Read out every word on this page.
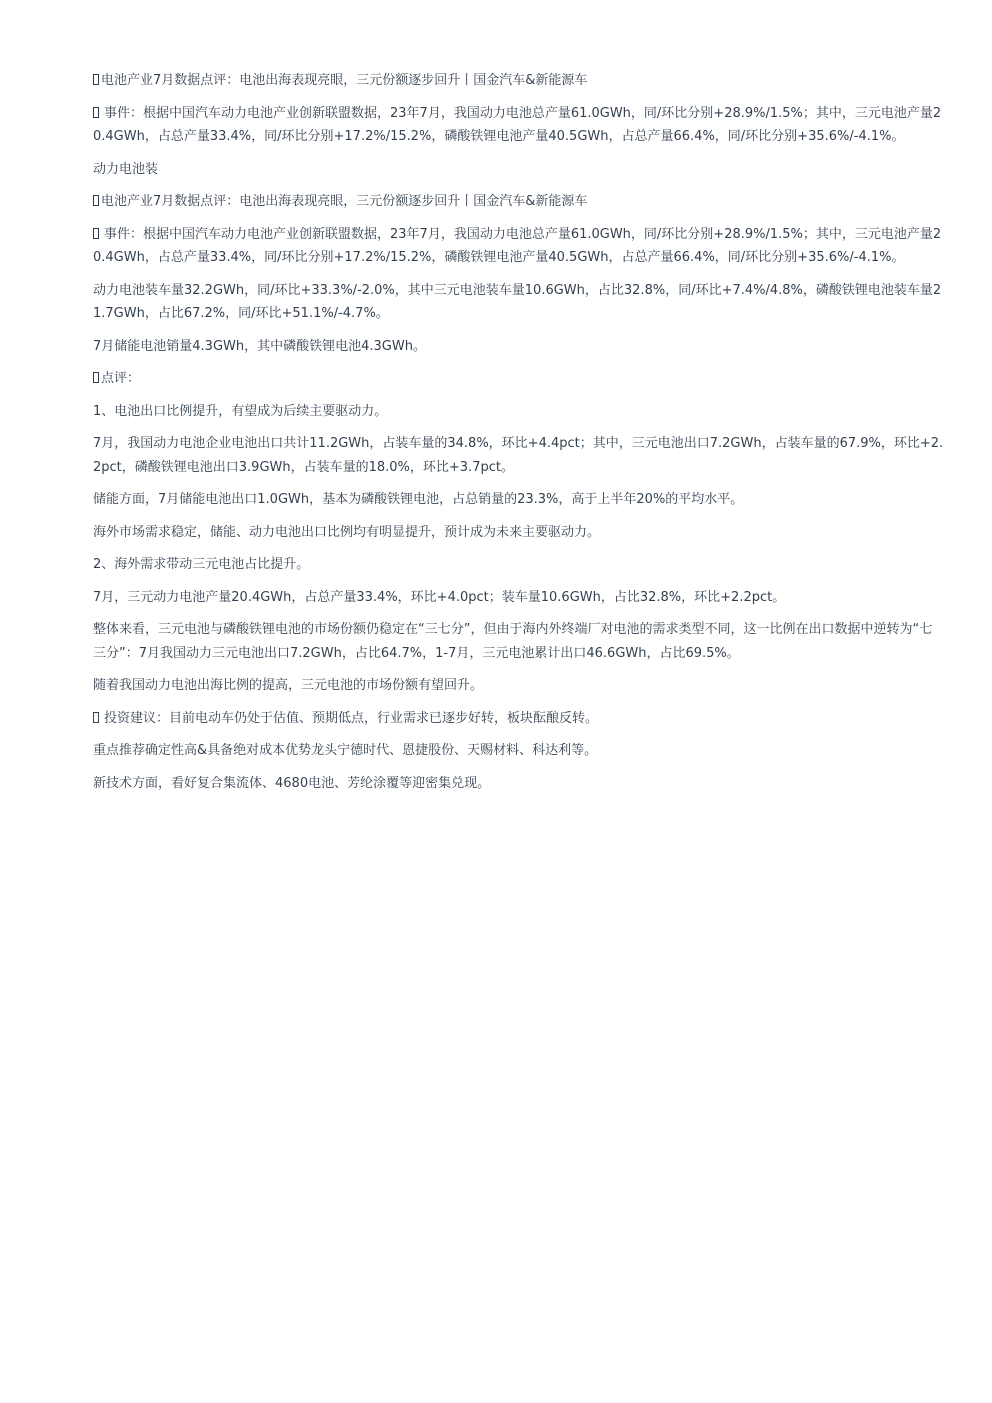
电池产业7月数据点评：电池出海表现亮眼，三元份额逐步回升丨国金汽车&新能源车

事件：根据中国汽车动力电池产业创新联盟数据，23年7月，我国动力电池总产量61.0GWh，同/环比分别+28.9%/1.5%；其中，三元电池产量20.4GWh，占总产量33.4%，同/环比分别+17.2%/15.2%，磷酸铁锂电池产量40.5GWh，占总产量66.4%，同/环比分别+35.6%/-4.1%。

动力电池装

电池产业7月数据点评：电池出海表现亮眼，三元份额逐步回升丨国金汽车&新能源车

事件：根据中国汽车动力电池产业创新联盟数据，23年7月，我国动力电池总产量61.0GWh，同/环比分别+28.9%/1.5%；其中，三元电池产量20.4GWh，占总产量33.4%，同/环比分别+17.2%/15.2%，磷酸铁锂电池产量40.5GWh，占总产量66.4%，同/环比分别+35.6%/-4.1%。

动力电池装车量32.2GWh，同/环比+33.3%/-2.0%，其中三元电池装车量10.6GWh，占比32.8%，同/环比+7.4%/4.8%，磷酸铁锂电池装车量21.7GWh，占比67.2%，同/环比+51.1%/-4.7%。

7月储能电池销量4.3GWh，其中磷酸铁锂电池4.3GWh。

点评：

1、电池出口比例提升，有望成为后续主要驱动力。

7月，我国动力电池企业电池出口共计11.2GWh，占装车量的34.8%，环比+4.4pct；其中，三元电池出口7.2GWh，占装车量的67.9%，环比+2.2pct，磷酸铁锂电池出口3.9GWh，占装车量的18.0%，环比+3.7pct。

储能方面，7月储能电池出口1.0GWh，基本为磷酸铁锂电池，占总销量的23.3%，高于上半年20%的平均水平。

海外市场需求稳定，储能、动力电池出口比例均有明显提升，预计成为未来主要驱动力。

2、海外需求带动三元电池占比提升。

7月，三元动力电池产量20.4GWh，占总产量33.4%，环比+4.0pct；装车量10.6GWh，占比32.8%，环比+2.2pct。

整体来看，三元电池与磷酸铁锂电池的市场份额仍稳定在“三七分”，但由于海内外终端厂对电池的需求类型不同，这一比例在出口数据中逆转为“七三分”：7月我国动力三元电池出口7.2GWh，占比64.7%，1-7月，三元电池累计出口46.6GWh，占比69.5%。

随着我国动力电池出海比例的提高，三元电池的市场份额有望回升。

投资建议：目前电动车仍处于估值、预期低点，行业需求已逐步好转，板块酝酿反转。

重点推荐确定性高&具备绝对成本优势龙头宁德时代、恩捷股份、天赐材料、科达利等。

新技术方面，看好复合集流体、4680电池、芳纶涂覆等迎密集兑现。
